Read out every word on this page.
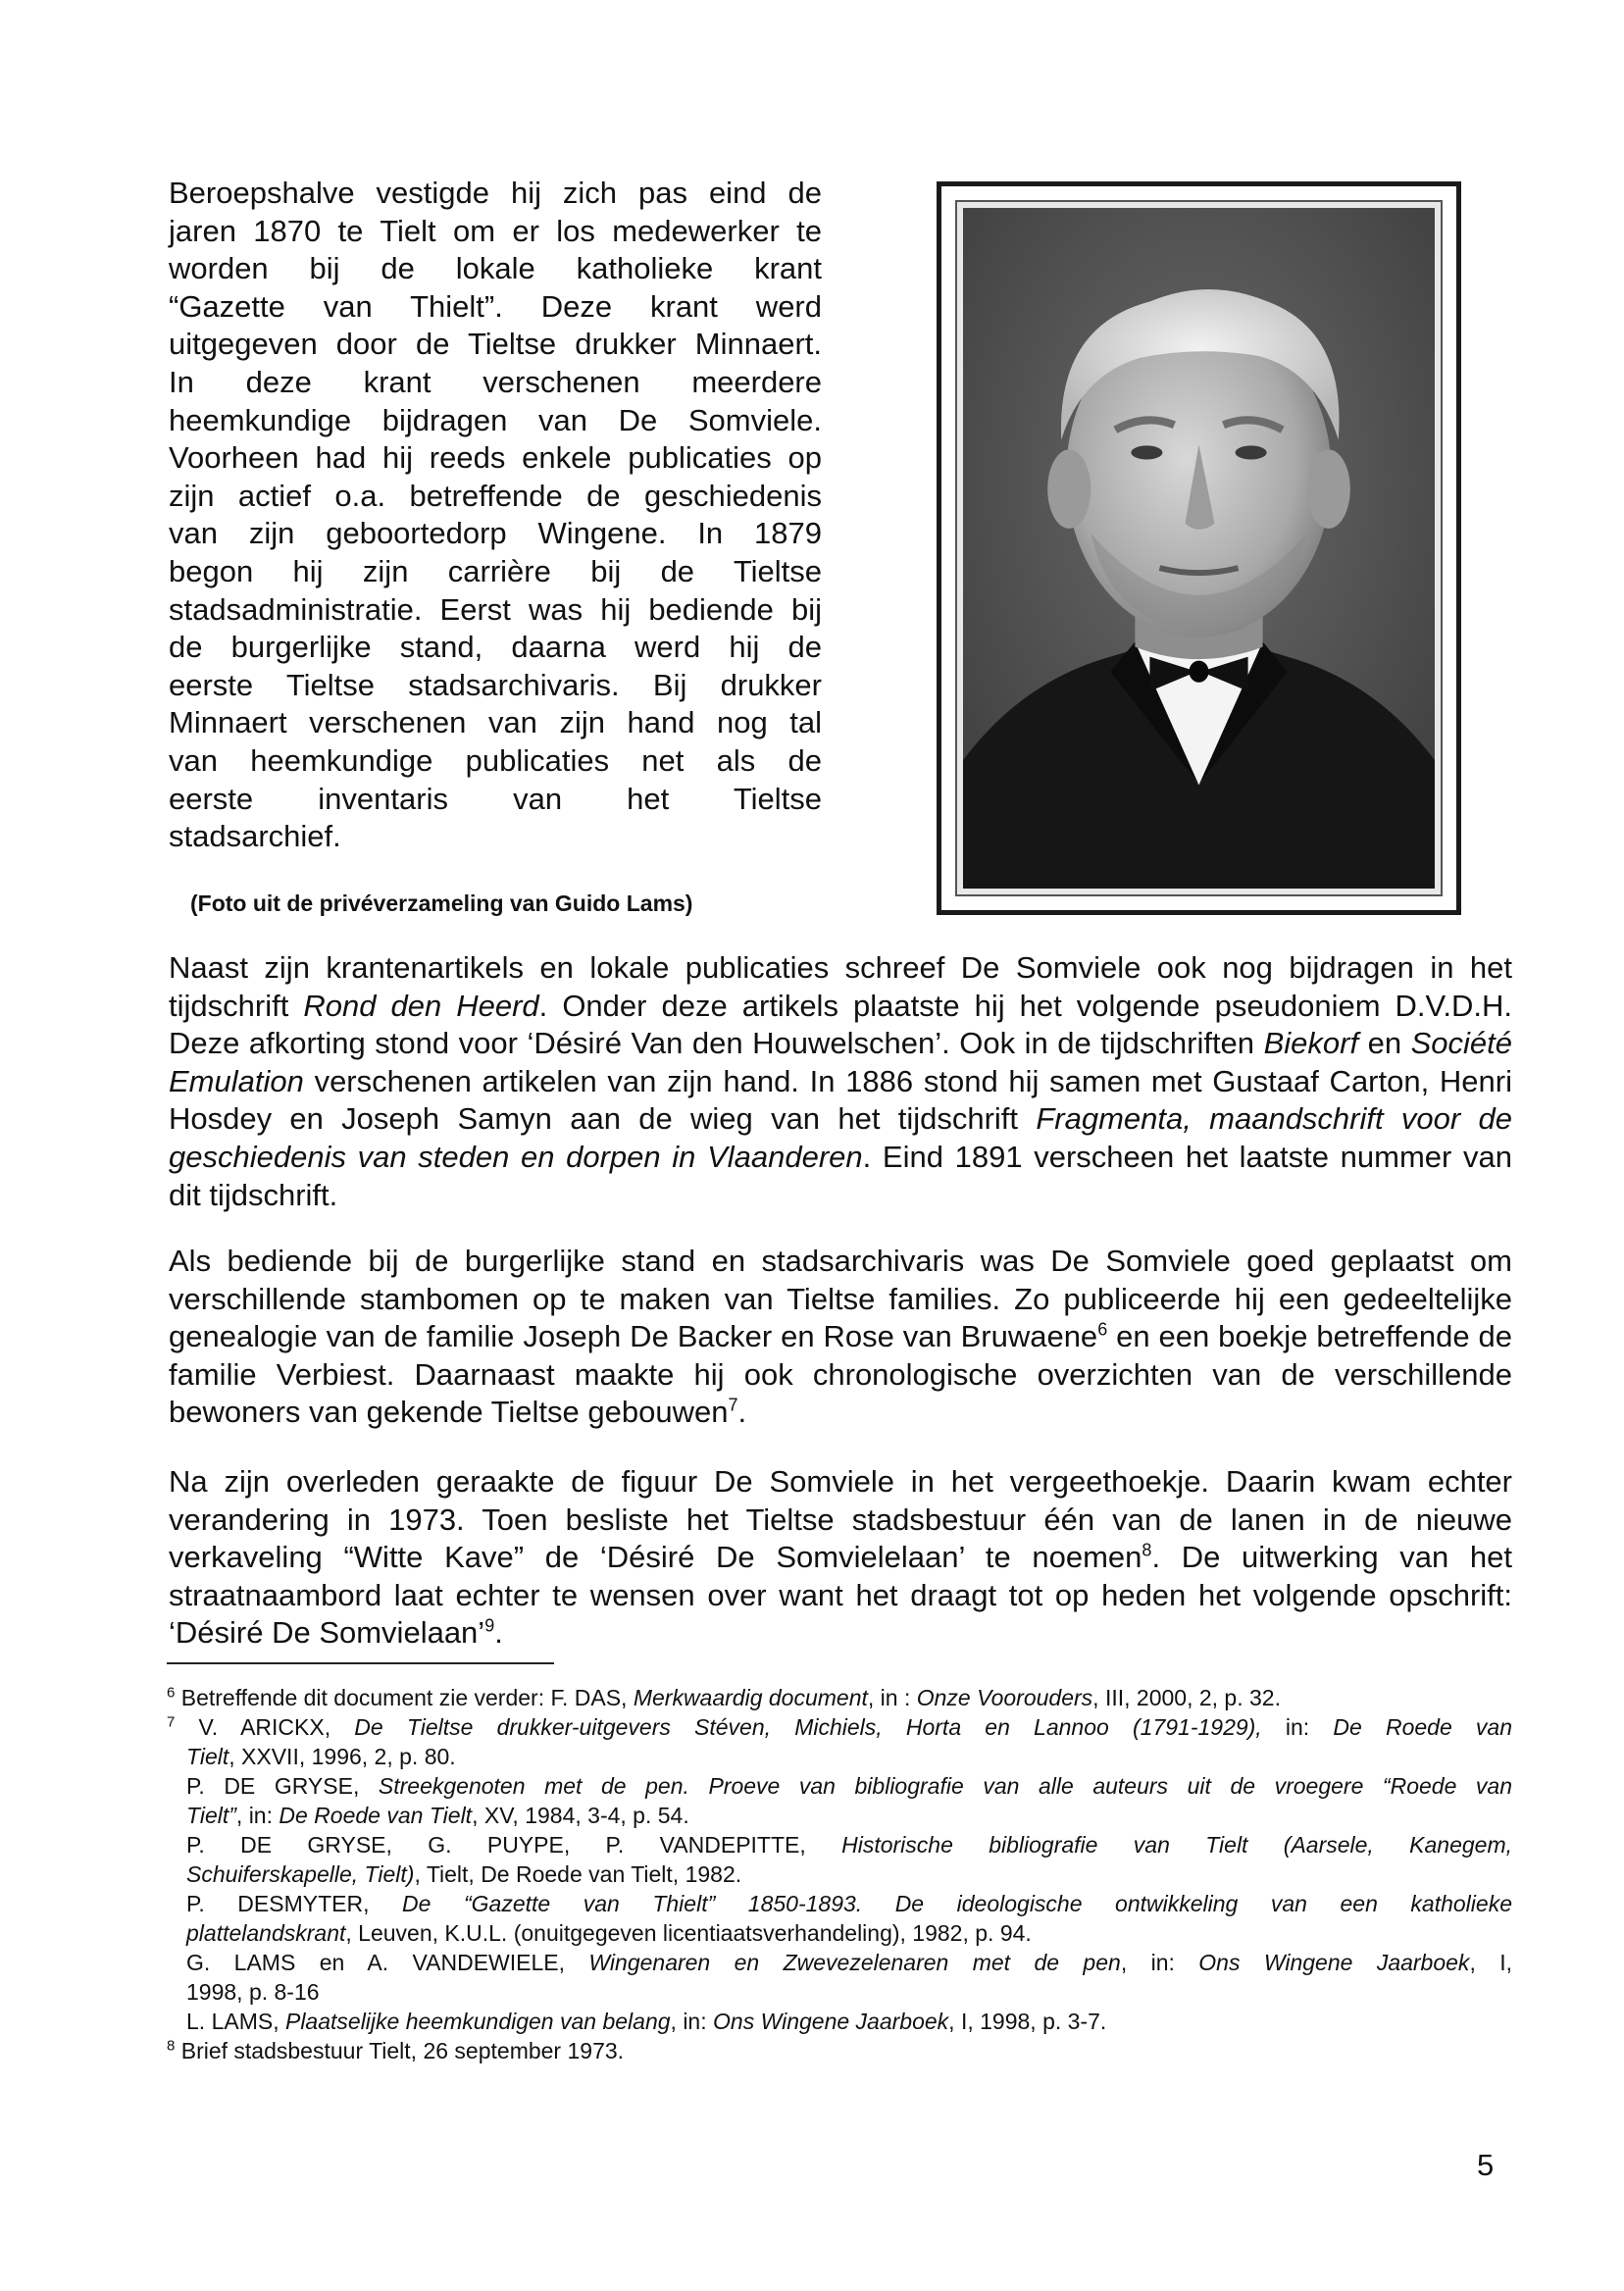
Beroepshalve vestigde hij zich pas eind de
jaren 1870 te Tielt om er los medewerker te
worden bij de lokale katholieke krant
“Gazette van Thielt”. Deze krant werd
uitgegeven door de Tieltse drukker Minnaert.
In deze krant verschenen meerdere
heemkundige bijdragen van De Somviele.
Voorheen had hij reeds enkele publicaties op
zijn actief o.a. betreffende de geschiedenis
van zijn geboortedorp Wingene. In 1879
begon hij zijn carrière bij de Tieltse
stadsadministratie. Eerst was hij bediende bij
de burgerlijke stand, daarna werd hij de
eerste Tieltse stadsarchivaris. Bij drukker
Minnaert verschenen van zijn hand nog tal
van heemkundige publicaties net als de
eerste inventaris van het Tieltse
stadsarchief.

(Foto uit de privéverzameling van Guido Lams)

Naast zijn krantenartikels en lokale publicaties schreef De Somviele ook nog bijdragen in het tijdschrift Rond den Heerd. Onder deze artikels plaatste hij het volgende pseudoniem D.V.D.H. Deze afkorting stond voor ‘Désiré Van den Houwelschen’. Ook in de tijdschriften Biekorf en Société Emulation verschenen artikelen van zijn hand. In 1886 stond hij samen met Gustaaf Carton, Henri Hosdey en Joseph Samyn aan de wieg van het tijdschrift Fragmenta, maandschrift voor de geschiedenis van steden en dorpen in Vlaanderen. Eind 1891 verscheen het laatste nummer van dit tijdschrift.

Als bediende bij de burgerlijke stand en stadsarchivaris was De Somviele goed geplaatst om verschillende stambomen op te maken van Tieltse families. Zo publiceerde hij een gedeeltelijke genealogie van de familie Joseph De Backer en Rose van Bruwaene$^6$ en een boekje betreffende de familie Verbiest. Daarnaast maakte hij ook chronologische overzichten van de verschillende bewoners van gekende Tieltse gebouwen$^7$.

Na zijn overleden geraakte de figuur De Somviele in het vergeethoekje. Daarin kwam echter verandering in 1973. Toen besliste het Tieltse stadsbestuur één van de lanen in de nieuwe verkaveling “Witte Kave” de ‘Désiré De Somvielelaan’ te noemen$^8$. De uitwerking van het straatnaambord laat echter te wensen over want het draagt tot op heden het volgende opschrift: ‘Désiré De Somvielaan’$^9$.

$^6$ Betreffende dit document zie verder: F. DAS, Merkwaardig document, in : Onze Voorouders, III, 2000, 2, p. 32.
$^7$ V. ARICKX, De Tieltse drukker-uitgevers Stéven, Michiels, Horta en Lannoo (1791-1929), in: De Roede van
Tielt, XXVII, 1996, 2, p. 80.
P. DE GRYSE, Streekgenoten met de pen. Proeve van bibliografie van alle auteurs uit de vroegere “Roede van
Tielt”, in: De Roede van Tielt, XV, 1984, 3-4, p. 54.
P. DE GRYSE, G. PUYPE, P. VANDEPITTE, Historische bibliografie van Tielt (Aarsele, Kanegem,
Schuiferskapelle, Tielt), Tielt, De Roede van Tielt, 1982.
P. DESMYTER, De “Gazette van Thielt” 1850-1893. De ideologische ontwikkeling van een katholieke
plattelandskrant, Leuven, K.U.L. (onuitgegeven licentiaatsverhandeling), 1982, p. 94.
G. LAMS en A. VANDEWIELE, Wingenaren en Zwevezelenaren met de pen, in: Ons Wingene Jaarboek, I,
1998, p. 8-16
L. LAMS, Plaatselijke heemkundigen van belang, in: Ons Wingene Jaarboek, I, 1998, p. 3-7.
$^8$ Brief stadsbestuur Tielt, 26 september 1973.

5
